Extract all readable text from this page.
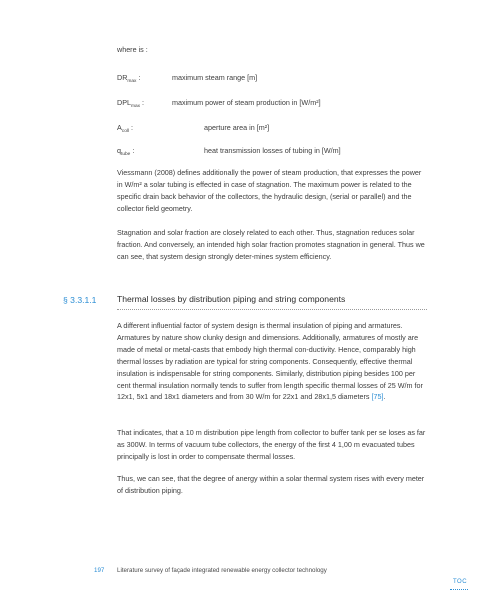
where is :
$DR_{max}$ :	maximum steam range [m]
$DPL_{max}$ :	maximum power of steam production in [W/m²]
$A_{coll}$ :	aperture area in [m²]
$q_{tube}$ :	heat transmission losses of tubing in [W/m]

Viessmann (2008) defines additionally the power of steam production, that expresses the power in W/m² a solar tubing is effected in case of stagnation. The maximum power is related to the specific drain back behavior of the collectors, the hydraulic design, (serial or parallel) and the collector field geometry.

Stagnation and solar fraction are closely related to each other. Thus, stagnation reduces solar fraction. And conversely, an intended high solar fraction promotes stagnation in general. Thus we can see, that system design strongly deter-mines system efficiency.

§ 3.3.1.1 Thermal losses by distribution piping and string components

A different influential factor of system design is thermal insulation of piping and armatures. Armatures by nature show clunky design and dimensions. Additionally, armatures of mostly are made of metal or metal-casts that embody high thermal con-ductivity. Hence, comparably high thermal losses by radiation are typical for string components. Consequently, effective thermal insulation is indispensable for string components. Similarly, distribution piping besides 100 per cent thermal insulation normally tends to suffer from length specific thermal losses of 25 W/m for 12x1, 5x1 and 18x1 diameters and from 30 W/m for 22x1 and 28x1,5 diameters [75].

That indicates, that a 10 m distribution pipe length from collector to buffer tank per se loses as far as 300W. In terms of vacuum tube collectors, the energy of the first 4 1,00 m evacuated tubes principally is lost in order to compensate thermal losses.

Thus, we can see, that the degree of anergy within a solar thermal system rises with every meter of distribution piping.

197 Literature survey of façade integrated renewable energy collector technology
TOC
